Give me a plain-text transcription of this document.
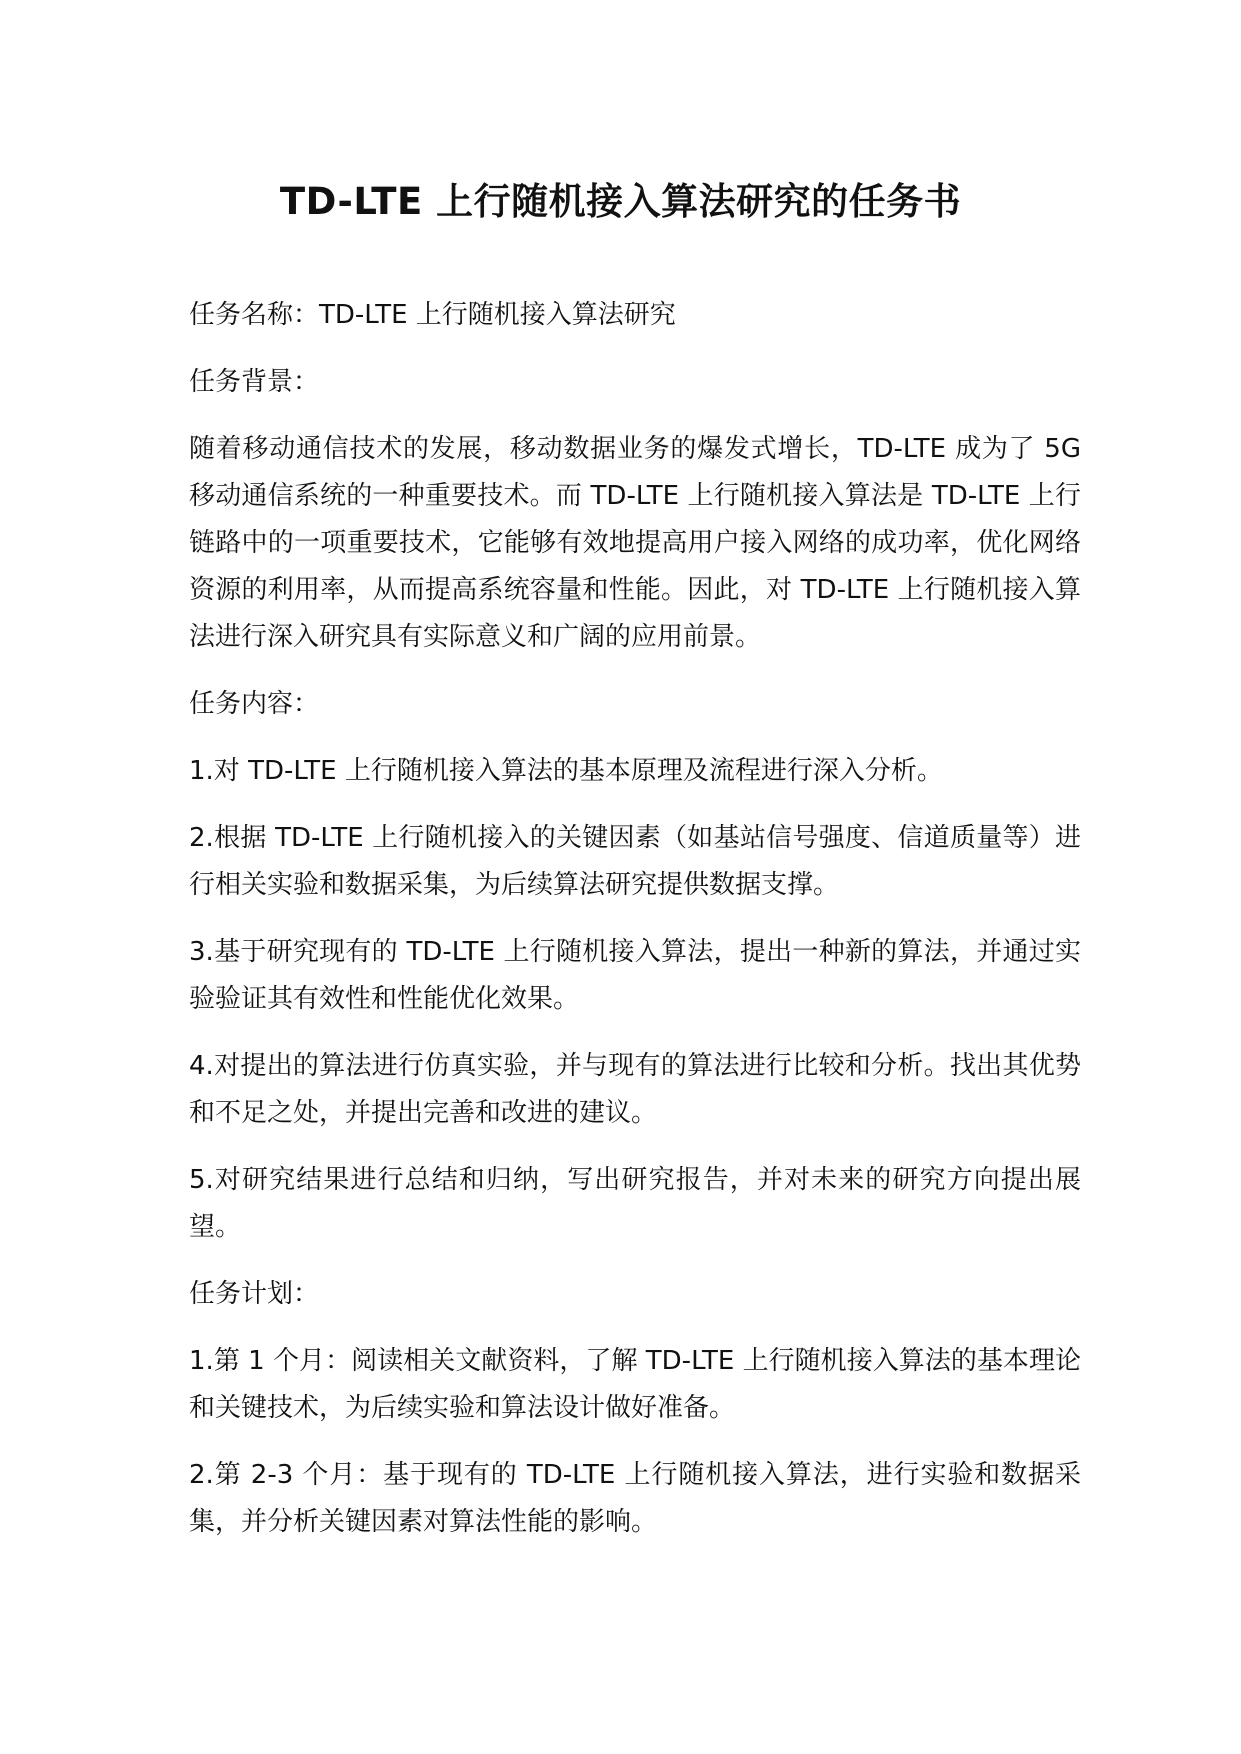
TD-LTE 上行随机接入算法研究的任务书

任务名称：TD-LTE 上行随机接入算法研究

任务背景：

随着移动通信技术的发展，移动数据业务的爆发式增长，TD-LTE 成为了 5G 移动通信系统的一种重要技术。而 TD-LTE 上行随机接入算法是 TD-LTE 上行链路中的一项重要技术，它能够有效地提高用户接入网络的成功率，优化网络资源的利用率，从而提高系统容量和性能。因此，对 TD-LTE 上行随机接入算法进行深入研究具有实际意义和广阔的应用前景。

任务内容：

1.对 TD-LTE 上行随机接入算法的基本原理及流程进行深入分析。

2.根据 TD-LTE 上行随机接入的关键因素（如基站信号强度、信道质量等）进行相关实验和数据采集，为后续算法研究提供数据支撑。

3.基于研究现有的 TD-LTE 上行随机接入算法，提出一种新的算法，并通过实验验证其有效性和性能优化效果。

4.对提出的算法进行仿真实验，并与现有的算法进行比较和分析。找出其优势和不足之处，并提出完善和改进的建议。

5.对研究结果进行总结和归纳，写出研究报告，并对未来的研究方向提出展望。

任务计划：

1.第 1 个月：阅读相关文献资料，了解 TD-LTE 上行随机接入算法的基本理论和关键技术，为后续实验和算法设计做好准备。

2.第 2-3 个月：基于现有的 TD-LTE 上行随机接入算法，进行实验和数据采集，并分析关键因素对算法性能的影响。
